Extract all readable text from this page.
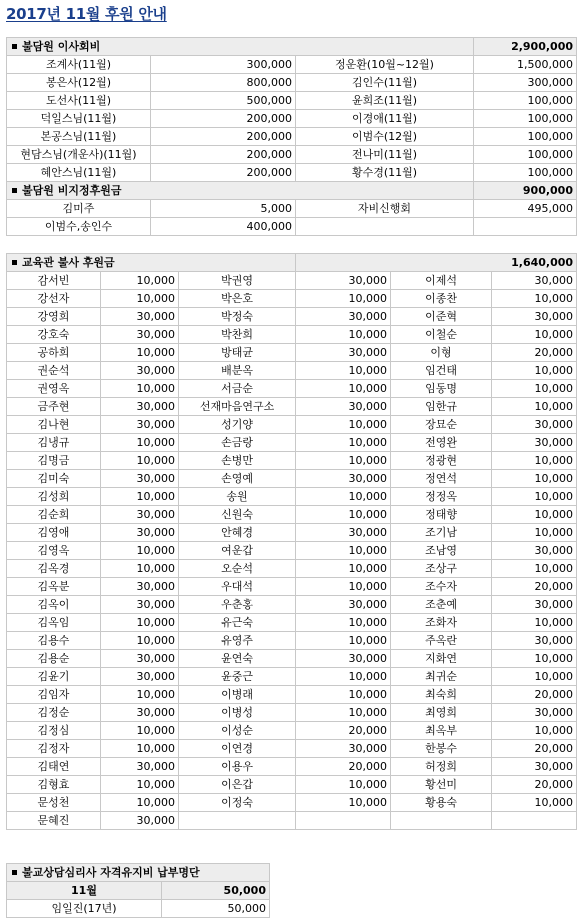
2017년 11월 후원 안내
불담원 이사회비			2,900,000
조계사(11월)	300,000	정운환(10월~12월)	1,500,000
봉은사(12월)	800,000	김인수(11월)	300,000
도선사(11월)	500,000	윤희조(11월)	100,000
덕일스님(11월)	200,000	이경애(11월)	100,000
본공스님(11월)	200,000	이범수(12월)	100,000
현담스님(개운사)(11월)	200,000	전나미(11월)	100,000
혜안스님(11월)	200,000	황수경(11월)	100,000
불담원 비지정후원금			900,000
김미주	5,000	자비신행회	495,000
이범수,송인수	400,000		
교육관 불사 후원금			1,640,000		
감서빈	10,000	박권영	30,000	이제석	30,000
강선자	10,000	박은호	10,000	이종찬	10,000
강영희	30,000	박정숙	30,000	이준혁	30,000
강호숙	30,000	박찬희	10,000	이철순	10,000
공하희	10,000	방태균	30,000	이형	20,000
권순석	30,000	배분옥	10,000	임건태	10,000
권영옥	10,000	서금순	10,000	임동명	10,000
금주현	30,000	선재마음연구소	30,000	임한규	10,000
김나현	30,000	성기양	10,000	장묘순	30,000
김냉규	10,000	손금랑	10,000	전영완	30,000
김명금	10,000	손병만	10,000	정광현	10,000
김미숙	30,000	손영예	30,000	정연석	10,000
김성희	10,000	송원	10,000	정정옥	10,000
김순희	30,000	신원숙	10,000	정태향	10,000
김영애	30,000	안혜경	30,000	조기남	10,000
김영옥	10,000	여운갑	10,000	조남영	30,000
김옥경	10,000	오순석	10,000	조상구	10,000
김옥분	30,000	우대석	10,000	조수자	20,000
김옥이	30,000	우춘홍	30,000	조춘예	30,000
김옥임	10,000	유근숙	10,000	조화자	10,000
김용수	10,000	유영주	10,000	주옥란	30,000
김용순	30,000	윤연숙	30,000	지화연	10,000
김윤기	30,000	윤중근	10,000	최귀순	10,000
김임자	10,000	이병래	10,000	최숙희	20,000
김정순	30,000	이병성	10,000	최영희	30,000
김정심	10,000	이성순	20,000	최옥부	10,000
김정자	10,000	이연경	30,000	한봉수	20,000
김태연	30,000	이용우	20,000	허정희	30,000
김형효	10,000	이은갑	10,000	황선미	20,000
문성천	10,000	이정숙	10,000	황용숙	10,000
문혜진	30,000				
불교상담심리사 자격유지비 납부명단	
11월	50,000
임일진(17년)	50,000
